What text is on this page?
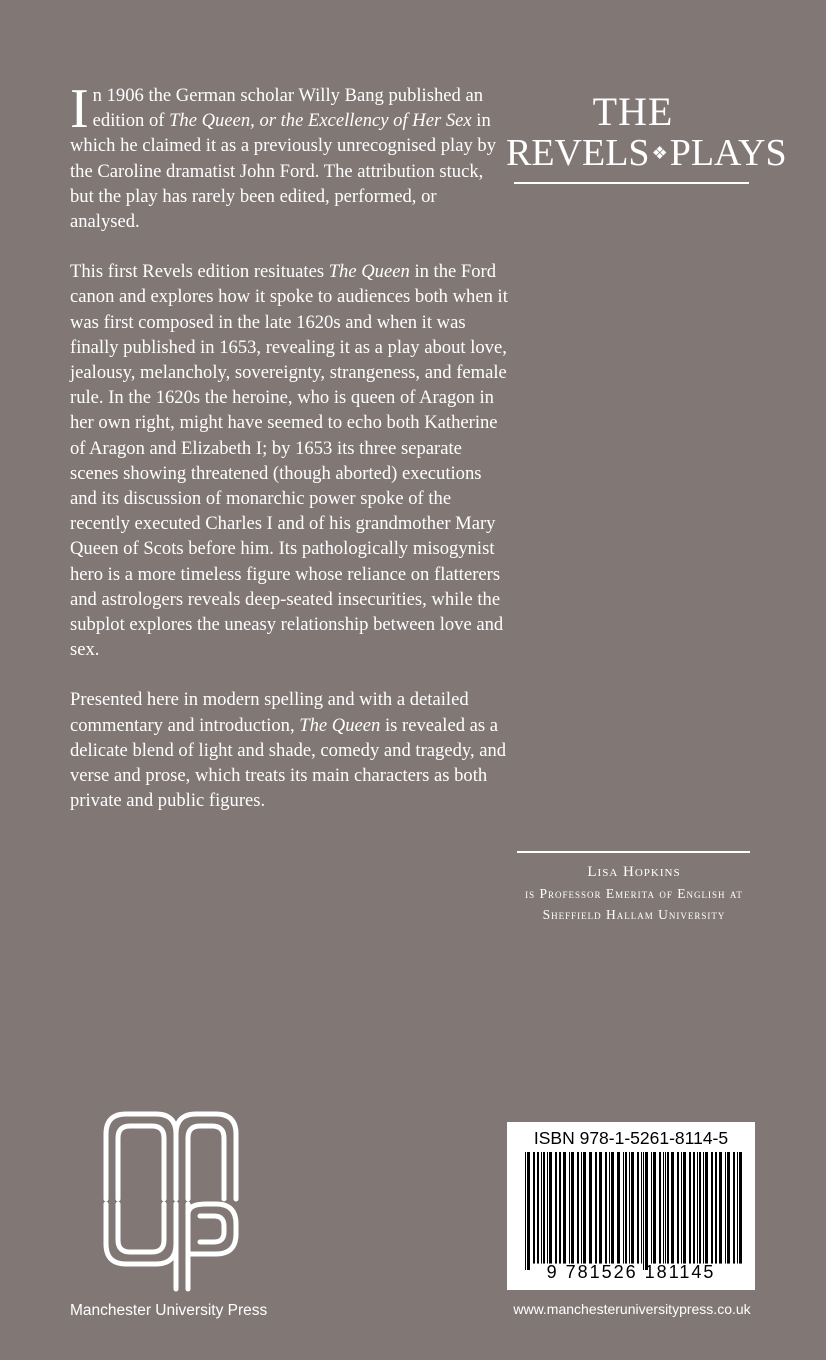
In 1906 the German scholar Willy Bang published an edition of The Queen, or the Excellency of Her Sex in which he claimed it as a previously unrecognised play by the Caroline dramatist John Ford. The attribution stuck, but the play has rarely been edited, performed, or analysed.

This first Revels edition resituates The Queen in the Ford canon and explores how it spoke to audiences both when it was first composed in the late 1620s and when it was finally published in 1653, revealing it as a play about love, jealousy, melancholy, sovereignty, strangeness, and female rule. In the 1620s the heroine, who is queen of Aragon in her own right, might have seemed to echo both Katherine of Aragon and Elizabeth I; by 1653 its three separate scenes showing threatened (though aborted) executions and its discussion of monarchic power spoke of the recently executed Charles I and of his grandmother Mary Queen of Scots before him. Its pathologically misogynist hero is a more timeless figure whose reliance on flatterers and astrologers reveals deep-seated insecurities, while the subplot explores the uneasy relationship between love and sex.

Presented here in modern spelling and with a detailed commentary and introduction, The Queen is revealed as a delicate blend of light and shade, comedy and tragedy, and verse and prose, which treats its main characters as both private and public figures.

THE
REVELS ❖PLAYS
Lisa Hopkins
is Professor Emerita of English at
Sheffield Hallam University
Manchester University Press
ISBN 978-1-5261-8114-5
9 781526 181145
www.manchesteruniversitypress.co.uk
